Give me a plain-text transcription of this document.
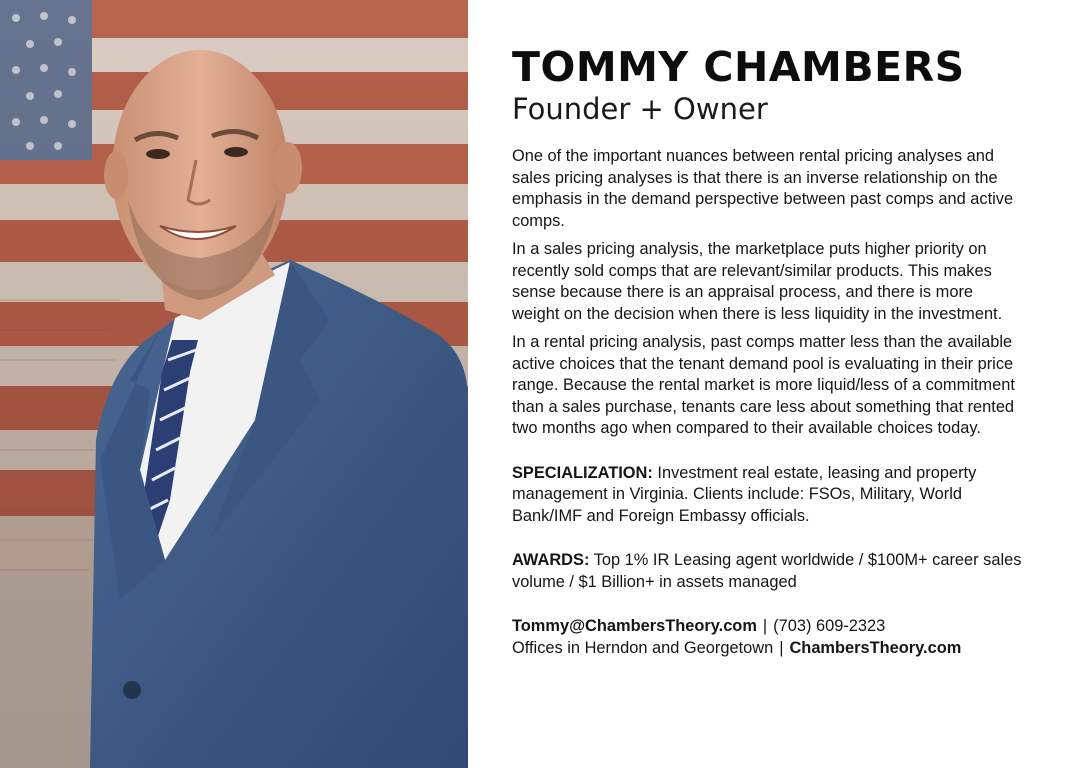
TOMMY CHAMBERS
Founder + Owner

One of the important nuances between rental pricing analyses and sales pricing analyses is that there is an inverse relationship on the emphasis in the demand perspective between past comps and active comps.

In a sales pricing analysis, the marketplace puts higher priority on recently sold comps that are relevant/similar products. This makes sense because there is an appraisal process, and there is more weight on the decision when there is less liquidity in the investment.

In a rental pricing analysis, past comps matter less than the available active choices that the tenant demand pool is evaluating in their price range. Because the rental market is more liquid/less of a commitment than a sales purchase, tenants care less about something that rented two months ago when compared to their available choices today.

SPECIALIZATION: Investment real estate, leasing and property management in Virginia. Clients include: FSOs, Military, World Bank/IMF and Foreign Embassy officials.
AWARDS: Top 1% IR Leasing agent worldwide / $100M+ career sales volume / $1 Billion+ in assets managed
Tommy@ChambersTheory.com | (703) 609-2323
Offices in Herndon and Georgetown | ChambersTheory.com
